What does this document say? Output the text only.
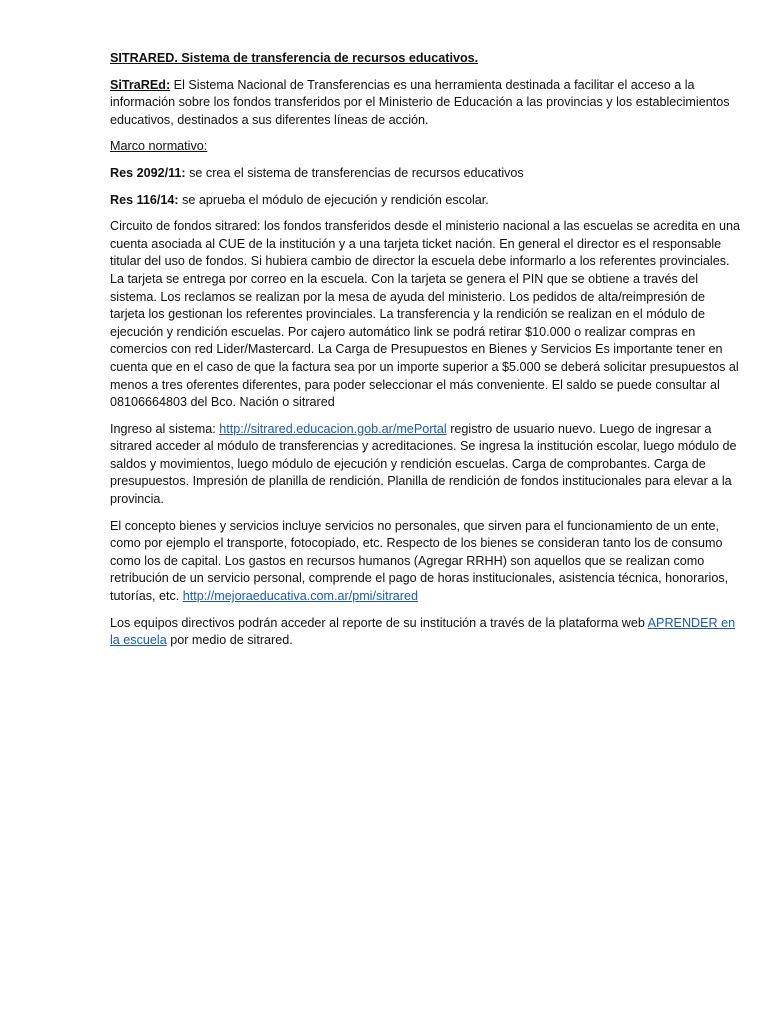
SITRARED. Sistema de transferencia de recursos educativos.

SiTraREd: El Sistema Nacional de Transferencias es una herramienta destinada a facilitar el acceso a la información sobre los fondos transferidos por el Ministerio de Educación a las provincias y los establecimientos educativos, destinados a sus diferentes líneas de acción.

Marco normativo:

Res 2092/11: se crea el sistema de transferencias de recursos educativos

Res 116/14: se aprueba el módulo de ejecución y rendición escolar.

Circuito de fondos sitrared: los fondos transferidos desde el ministerio nacional a las escuelas se acredita en una cuenta asociada al CUE de la institución y a una tarjeta ticket nación. En general el director es el responsable titular del uso de fondos. Si hubiera cambio de director la escuela debe informarlo a los referentes provinciales. La tarjeta se entrega por correo en la escuela. Con la tarjeta se genera el PIN que se obtiene a través del sistema. Los reclamos se realizan por la mesa de ayuda del ministerio. Los pedidos de alta/reimpresión de tarjeta los gestionan los referentes provinciales. La transferencia y la rendición se realizan en el módulo de ejecución y rendición escuelas. Por cajero automático link se podrá retirar $10.000 o realizar compras en comercios con red Lider/Mastercard. La Carga de Presupuestos en Bienes y Servicios Es importante tener en cuenta que en el caso de que la factura sea por un importe superior a $5.000 se deberá solicitar presupuestos al menos a tres oferentes diferentes, para poder seleccionar el más conveniente. El saldo se puede consultar al 08106664803 del Bco. Nación o sitrared

Ingreso al sistema: http://sitrared.educacion.gob.ar/mePortal registro de usuario nuevo. Luego de ingresar a sitrared acceder al módulo de transferencias y acreditaciones. Se ingresa la institución escolar, luego módulo de saldos y movimientos, luego módulo de ejecución y rendición escuelas. Carga de comprobantes. Carga de presupuestos. Impresión de planilla de rendición. Planilla de rendición de fondos institucionales para elevar a la provincia.

El concepto bienes y servicios incluye servicios no personales, que sirven para el funcionamiento de un ente, como por ejemplo el transporte, fotocopiado, etc. Respecto de los bienes se consideran tanto los de consumo como los de capital. Los gastos en recursos humanos (Agregar RRHH) son aquellos que se realizan como retribución de un servicio personal, comprende el pago de horas institucionales, asistencia técnica, honorarios, tutorías, etc. http://mejoraeducativa.com.ar/pmi/sitrared

Los equipos directivos podrán acceder al reporte de su institución a través de la plataforma web APRENDER en la escuela por medio de sitrared.
